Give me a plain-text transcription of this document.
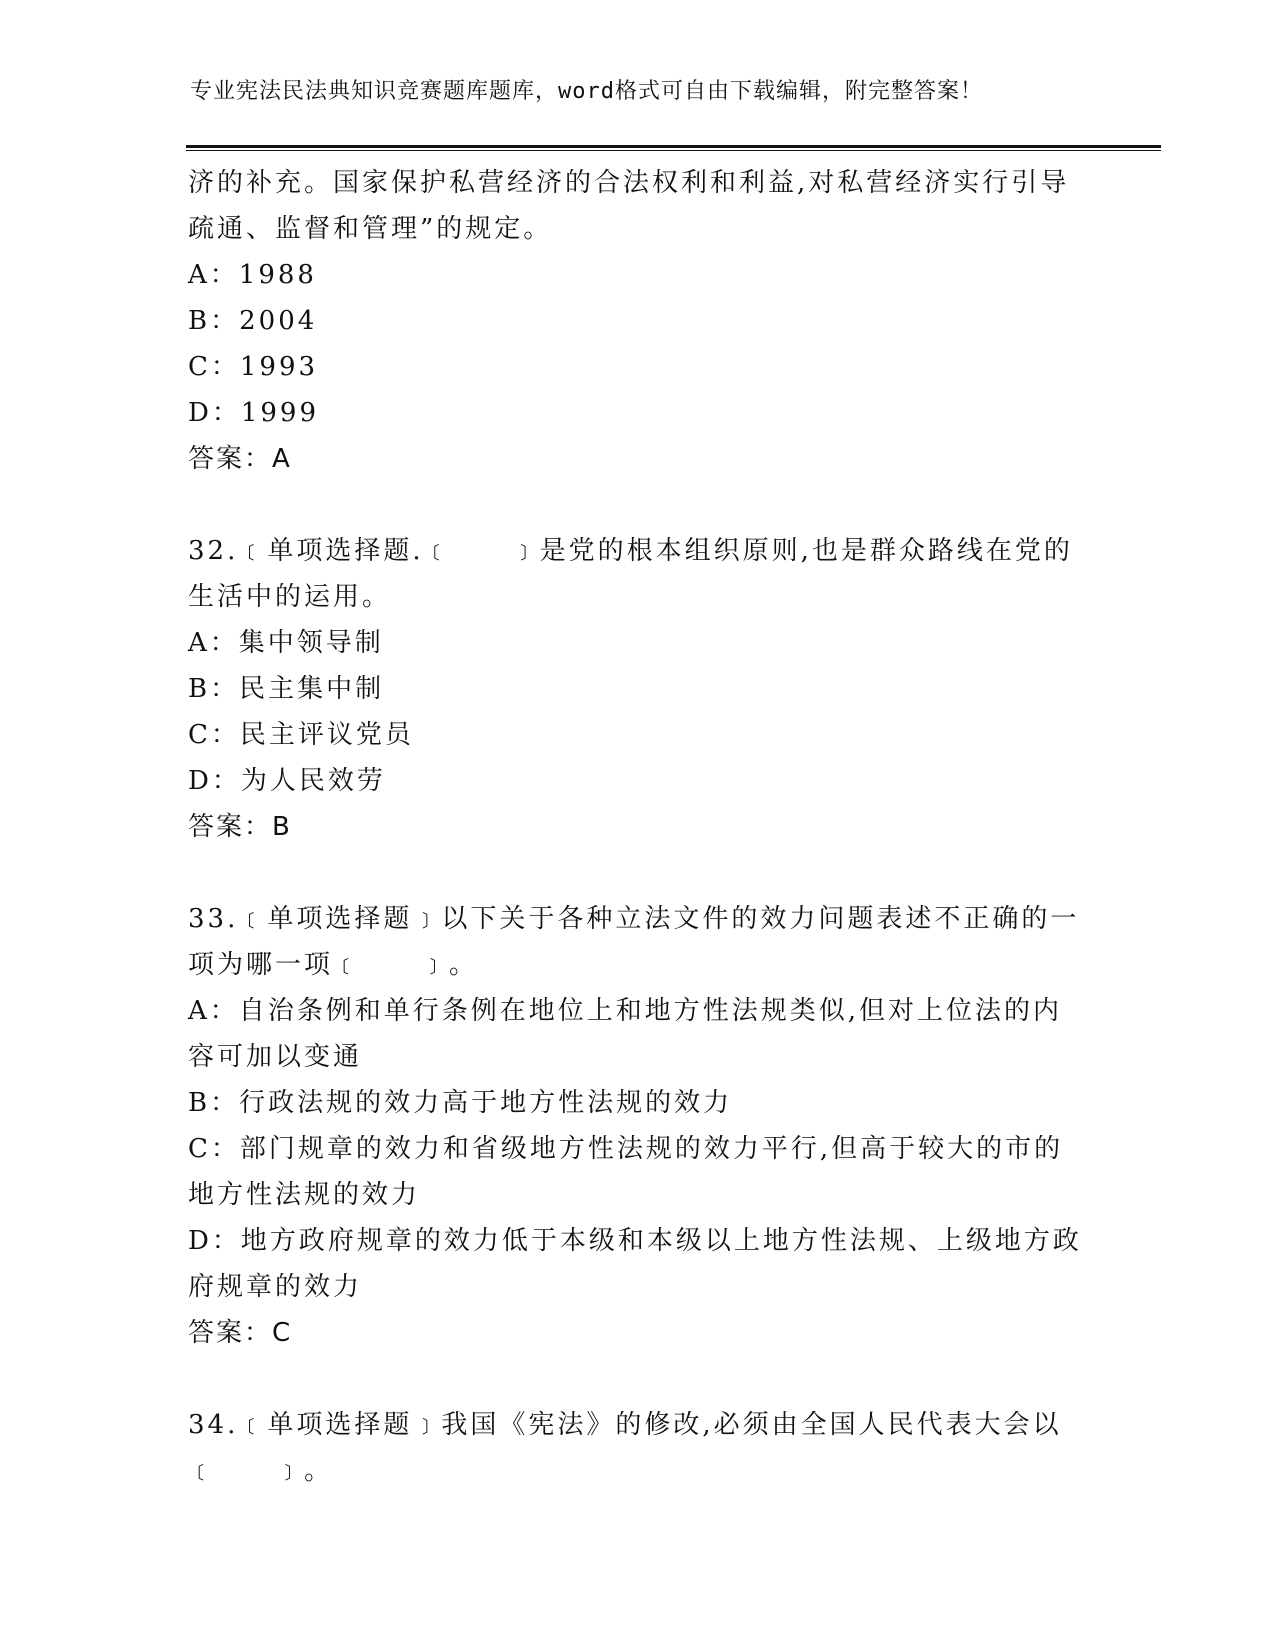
专业宪法民法典知识竞赛题库题库，word格式可自由下载编辑，附完整答案！
济的补充。国家保护私营经济的合法权利和利益,对私营经济实行引导
疏通、监督和管理”的规定。
A：1988
B：2004
C：1993
D：1999
答案：A
32.﹝单项选择题.﹝　　﹞是党的根本组织原则,也是群众路线在党的
生活中的运用。
A：集中领导制
B：民主集中制
C：民主评议党员
D：为人民效劳
答案：B
33.﹝单项选择题﹞以下关于各种立法文件的效力问题表述不正确的一
项为哪一项﹝　　﹞。
A：自治条例和单行条例在地位上和地方性法规类似,但对上位法的内
容可加以变通
B：行政法规的效力高于地方性法规的效力
C：部门规章的效力和省级地方性法规的效力平行,但高于较大的市的
地方性法规的效力
D：地方政府规章的效力低于本级和本级以上地方性法规、上级地方政
府规章的效力
答案：C
34.﹝单项选择题﹞我国《宪法》的修改,必须由全国人民代表大会以
﹝　　﹞。
